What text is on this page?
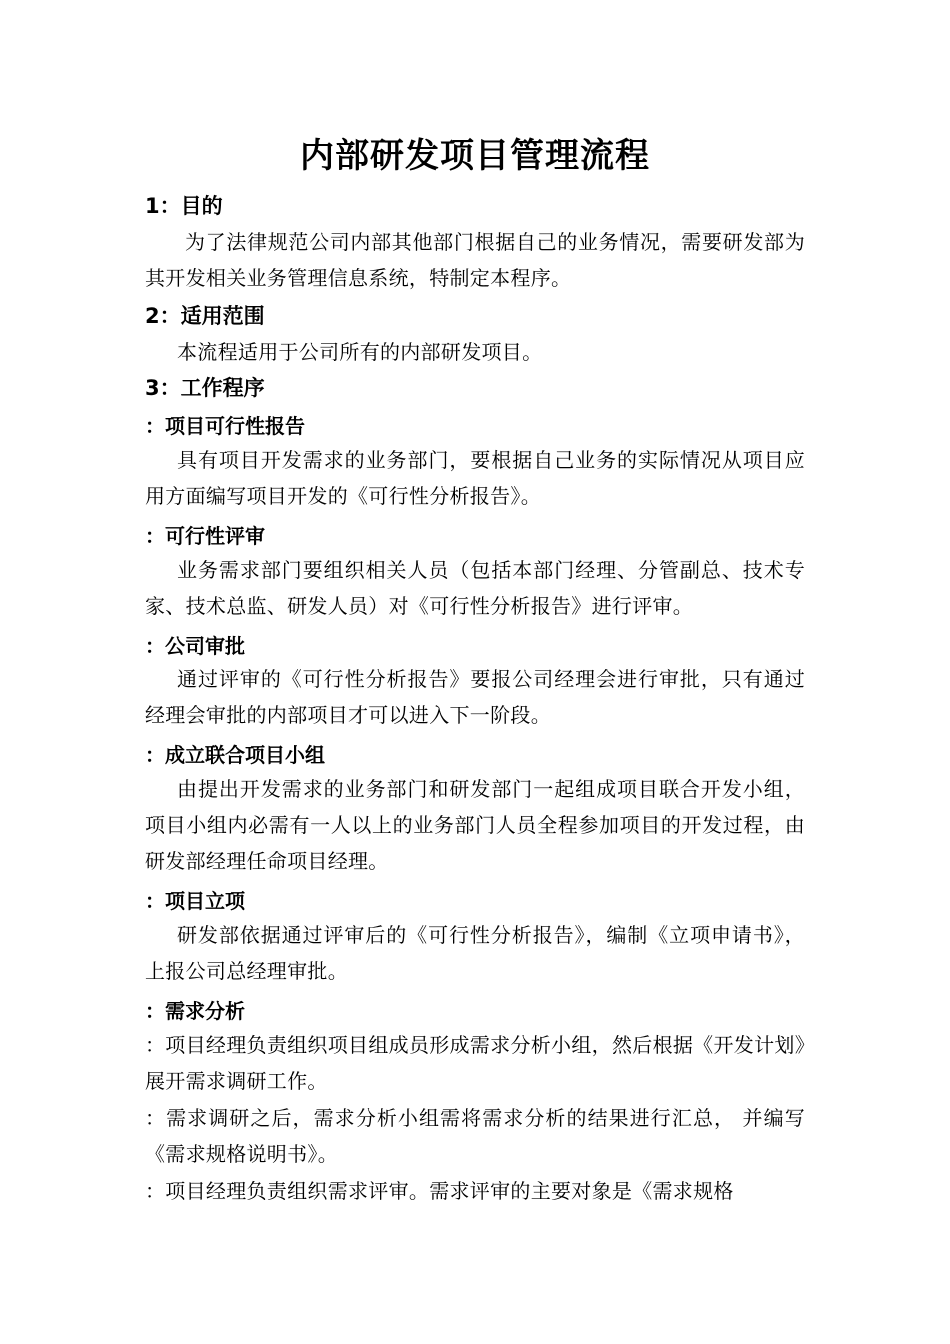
内部研发项目管理流程
1：目的
为了法律规范公司内部其他部门根据自己的业务情况，需要研发部为其开发相关业务管理信息系统，特制定本程序。
2：适用范围
本流程适用于公司所有的内部研发项目。
3：工作程序
：项目可行性报告
具有项目开发需求的业务部门，要根据自己业务的实际情况从项目应用方面编写项目开发的《可行性分析报告》。
：可行性评审
业务需求部门要组织相关人员（包括本部门经理、分管副总、技术专家、技术总监、研发人员）对《可行性分析报告》进行评审。
：公司审批
通过评审的《可行性分析报告》要报公司经理会进行审批，只有通过经理会审批的内部项目才可以进入下一阶段。
：成立联合项目小组
由提出开发需求的业务部门和研发部门一起组成项目联合开发小组，项目小组内必需有一人以上的业务部门人员全程参加项目的开发过程，由研发部经理任命项目经理。
：项目立项
研发部依据通过评审后的《可行性分析报告》，编制《立项申请书》，上报公司总经理审批。
：需求分析
：项目经理负责组织项目组成员形成需求分析小组，然后根据《开发计划》展开需求调研工作。
：需求调研之后，需求分析小组需将需求分析的结果进行汇总， 并编写《需求规格说明书》。
：项目经理负责组织需求评审。需求评审的主要对象是《需求规格
